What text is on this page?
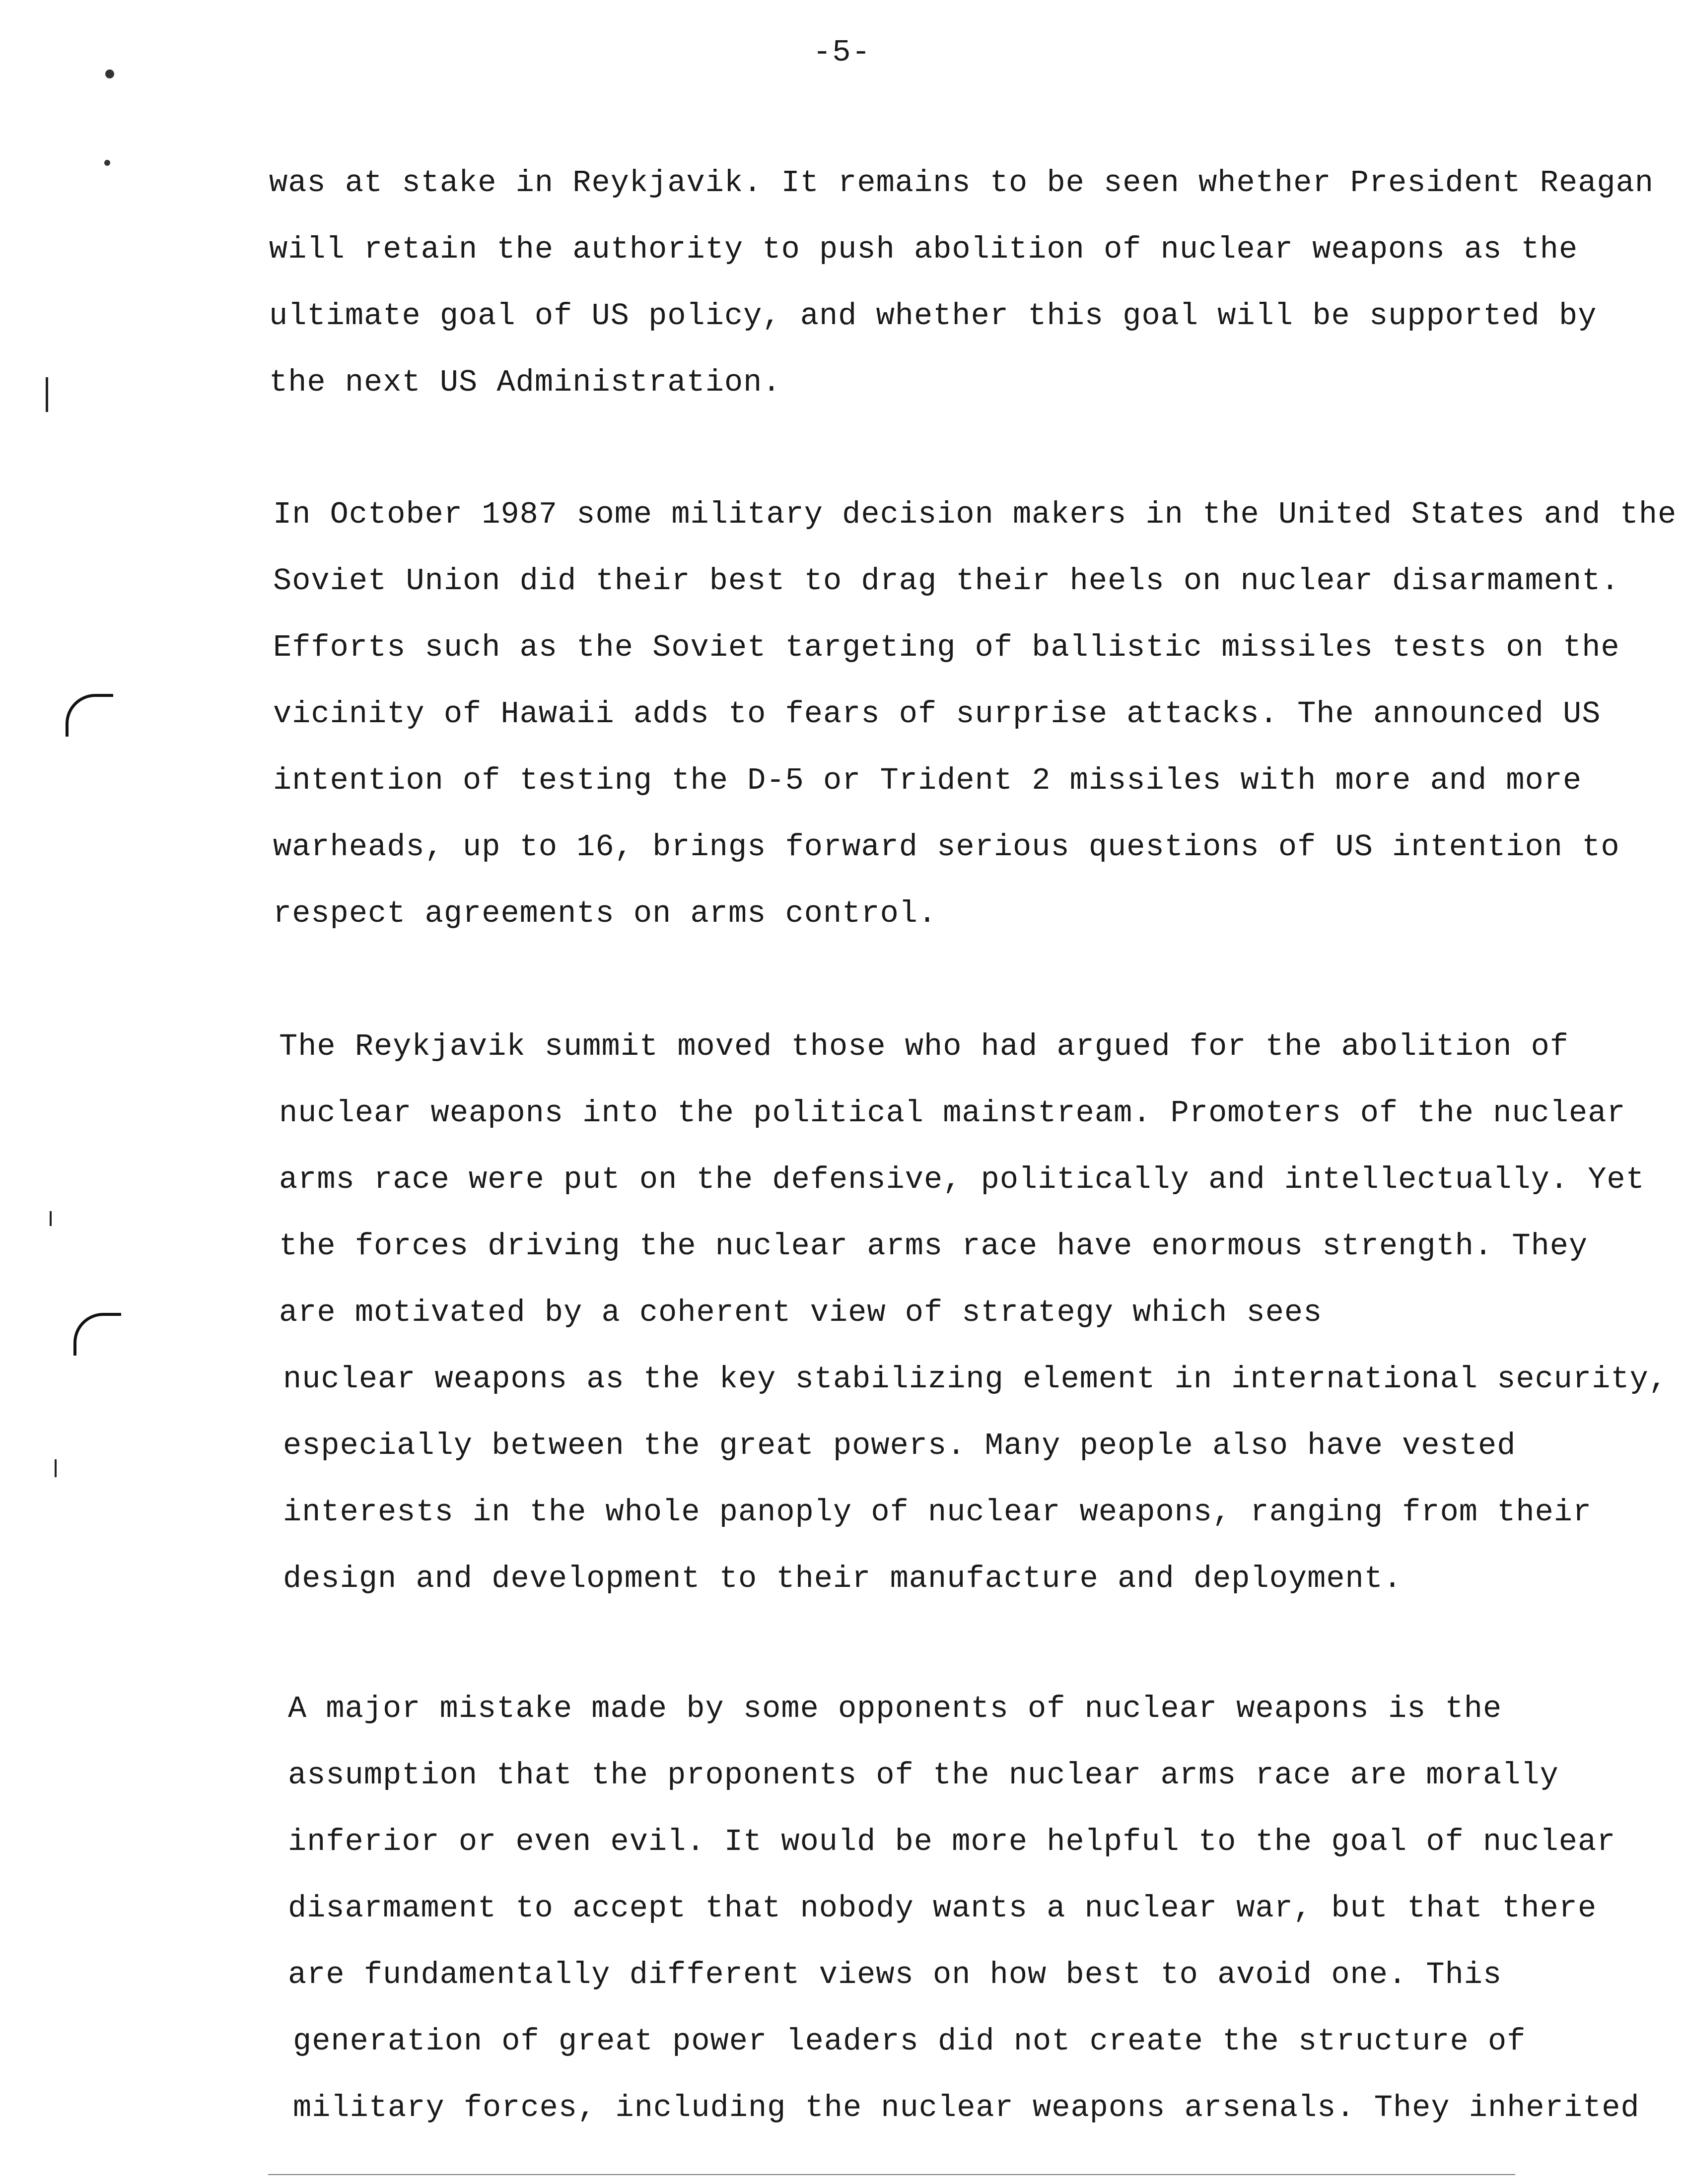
-5-
was at stake in Reykjavik. It remains to be seen whether President Reagan
will retain the authority to push abolition of nuclear weapons as the
ultimate goal of US policy, and whether this goal will be supported by
the next US Administration.
In October 1987 some military decision makers in the United States and the
Soviet Union did their best to drag their heels on nuclear disarmament.
Efforts such as the Soviet targeting of ballistic missiles tests on the
vicinity of Hawaii adds to fears of surprise attacks. The announced US
intention of testing the D-5 or Trident 2 missiles with more and more
warheads, up to 16, brings forward serious questions of US intention to
respect agreements on arms control.
The Reykjavik summit moved those who had argued for the abolition of
nuclear weapons into the political mainstream. Promoters of the nuclear
arms race were put on the defensive, politically and intellectually. Yet
the forces driving the nuclear arms race have enormous strength. They
are motivated by a coherent view of strategy which sees
nuclear weapons as the key stabilizing element in international security,
especially between the great powers. Many people also have vested
interests in the whole panoply of nuclear weapons, ranging from their
design and development to their manufacture and deployment.
A major mistake made by some opponents of nuclear weapons is the
assumption that the proponents of the nuclear arms race are morally
inferior or even evil. It would be more helpful to the goal of nuclear
disarmament to accept that nobody wants a nuclear war, but that there
are fundamentally different views on how best to avoid one. This
generation of great power leaders did not create the structure of
military forces, including the nuclear weapons arsenals. They inherited
